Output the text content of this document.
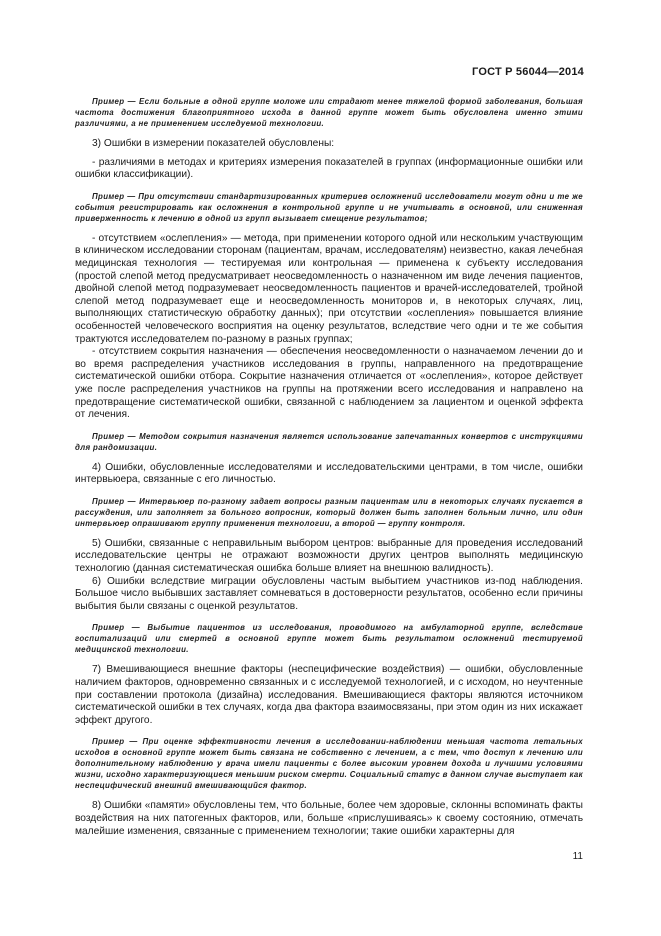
ГОСТ Р 56044—2014

Пример — Если больные в одной группе моложе или страдают менее тяжелой формой заболевания, большая частота достижения благоприятного исхода в данной группе может быть обусловлена именно этими различиями, а не применением исследуемой технологии.

3) Ошибки в измерении показателей обусловлены:

- различиями в методах и критериях измерения показателей в группах (информационные ошибки или ошибки классификации).

Пример — При отсутствии стандартизированных критериев осложнений исследователи могут одни и те же события регистрировать как осложнения в контрольной группе и не учитывать в основной, или сниженная приверженность к лечению в одной из групп вызывает смещение результатов;

- отсутствием «ослепления» — метода, при применении которого одной или нескольким участвующим в клиническом исследовании сторонам (пациентам, врачам, исследователям) неизвестно, какая лечебная медицинская технология — тестируемая или контрольная — применена к субъекту исследования (простой слепой метод предусматривает неосведомленность о назначенном им виде лечения пациентов, двойной слепой метод подразумевает неосведомленность пациентов и врачей-исследователей, тройной слепой метод подразумевает еще и неосведомленность мониторов и, в некоторых случаях, лиц, выполняющих статистическую обработку данных); при отсутствии «ослепления» повышается влияние особенностей человеческого восприятия на оценку результатов, вследствие чего одни и те же события трактуются исследователем по-разному в разных группах;

- отсутствием сокрытия назначения — обеспечения неосведомленности о назначаемом лечении до и во время распределения участников исследования в группы, направленного на предотвращение систематической ошибки отбора. Сокрытие назначения отличается от «ослепления», которое действует уже после распределения участников на группы на протяжении всего исследования и направлено на предотвращение систематической ошибки, связанной с наблюдением за лациентом и оценкой эффекта от лечения.

Пример — Методом сокрытия назначения является использование запечатанных конвертов с инструкциями для рандомизации.

4) Ошибки, обусловленные исследователями и исследовательскими центрами, в том числе, ошибки интервьюера, связанные с его личностью.

Пример — Интервьюер по-разному задает вопросы разным пациентам или в некоторых случаях пускается в рассуждения, или заполняет за больного вопросник, который должен быть заполнен больным лично, или один интервьюер опрашивают группу применения технологии, а второй — группу контроля.

5) Ошибки, связанные с неправильным выбором центров: выбранные для проведения исследований исследовательские центры не отражают возможности других центров выполнять медицинскую технологию (данная систематическая ошибка больше влияет на внешнюю валидность).

6) Ошибки вследствие миграции обусловлены частым выбытием участников из-под наблюдения. Большое число выбывших заставляет сомневаться в достоверности результатов, особенно если причины выбытия были связаны с оценкой результатов.

Пример — Выбытие пациентов из исследования, проводимого на амбулаторной группе, вследствие госпитализаций или смертей в основной группе может быть результатом осложнений тестируемой медицинской технологии.

7) Вмешивающиеся внешние факторы (неспецифические воздействия) — ошибки, обусловленные наличием факторов, одновременно связанных и с исследуемой технологией, и с исходом, но неучтенные при составлении протокола (дизайна) исследования. Вмешивающиеся факторы являются источником систематической ошибки в тех случаях, когда два фактора взаимосвязаны, при этом один из них искажает эффект другого.

Пример — При оценке эффективности лечения в исследовании-наблюдении меньшая частота летальных исходов в основной группе может быть связана не собственно с лечением, а с тем, что доступ к лечению или дополнительному наблюдению у врача имели пациенты с более высоким уровнем дохода и лучшими условиями жизни, исходно характеризующиеся меньшим риском смерти. Социальный статус в данном случае выступает как неспецифический внешний вмешивающийся фактор.

8) Ошибки «памяти» обусловлены тем, что больные, более чем здоровые, склонны вспоминать факты воздействия на них патогенных факторов, или, больше «прислушиваясь» к своему состоянию, отмечать малейшие изменения, связанные с применением технологии; такие ошибки характерны для

11
